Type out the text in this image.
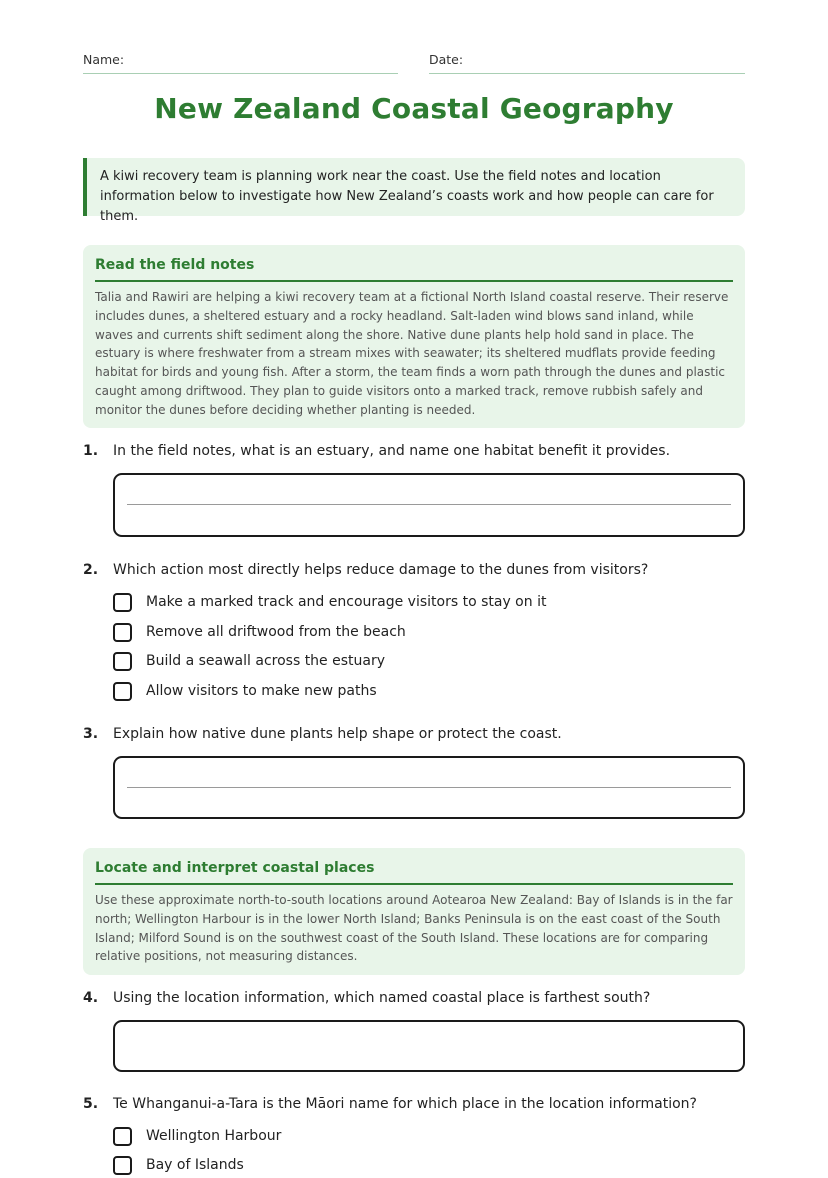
Name:	Date:
New Zealand Coastal Geography
A kiwi recovery team is planning work near the coast. Use the field notes and location information below to investigate how New Zealand’s coasts work and how people can care for them.
Read the field notes

Talia and Rawiri are helping a kiwi recovery team at a fictional North Island coastal reserve. Their reserve includes dunes, a sheltered estuary and a rocky headland. Salt-laden wind blows sand inland, while waves and currents shift sediment along the shore. Native dune plants help hold sand in place. The estuary is where freshwater from a stream mixes with seawater; its sheltered mudflats provide feeding habitat for birds and young fish. After a storm, the team finds a worn path through the dunes and plastic caught among driftwood. They plan to guide visitors onto a marked track, remove rubbish safely and monitor the dunes before deciding whether planting is needed.

1. In the field notes, what is an estuary, and name one habitat benefit it provides.
2. Which action most directly helps reduce damage to the dunes from visitors?
Make a marked track and encourage visitors to stay on it
Remove all driftwood from the beach
Build a seawall across the estuary
Allow visitors to make new paths
3. Explain how native dune plants help shape or protect the coast.
Locate and interpret coastal places

Use these approximate north-to-south locations around Aotearoa New Zealand: Bay of Islands is in the far north; Wellington Harbour is in the lower North Island; Banks Peninsula is on the east coast of the South Island; Milford Sound is on the southwest coast of the South Island. These locations are for comparing relative positions, not measuring distances.

4. Using the location information, which named coastal place is farthest south?
5. Te Whanganui-a-Tara is the Māori name for which place in the location information?
Wellington Harbour
Bay of Islands
